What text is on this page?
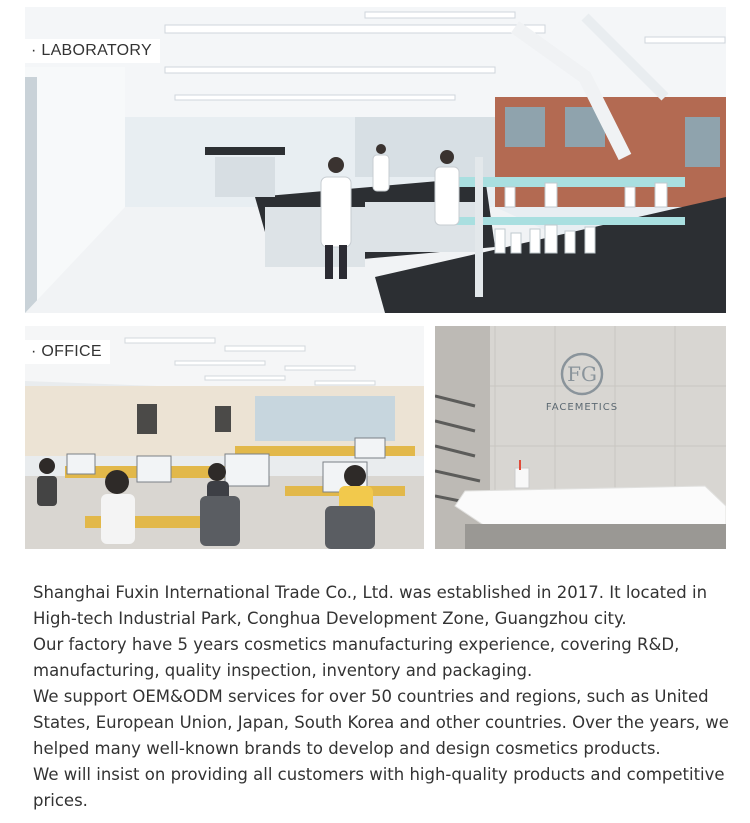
· LABORATORY
· OFFICE
FG
FACEMETICS

Shanghai Fuxin International Trade Co., Ltd. was established in 2017. It located in High-tech Industrial Park, Conghua Development Zone, Guangzhou city.

Our factory have 5 years cosmetics manufacturing experience, covering R&D, manufacturing, quality inspection, inventory and packaging.

We support OEM&ODM services for over 50 countries and regions, such as United States, European Union, Japan, South Korea and other countries. Over the years, we helped many well-known brands to develop and design cosmetics products.

We will insist on providing all customers with high-quality products and competitive prices.
